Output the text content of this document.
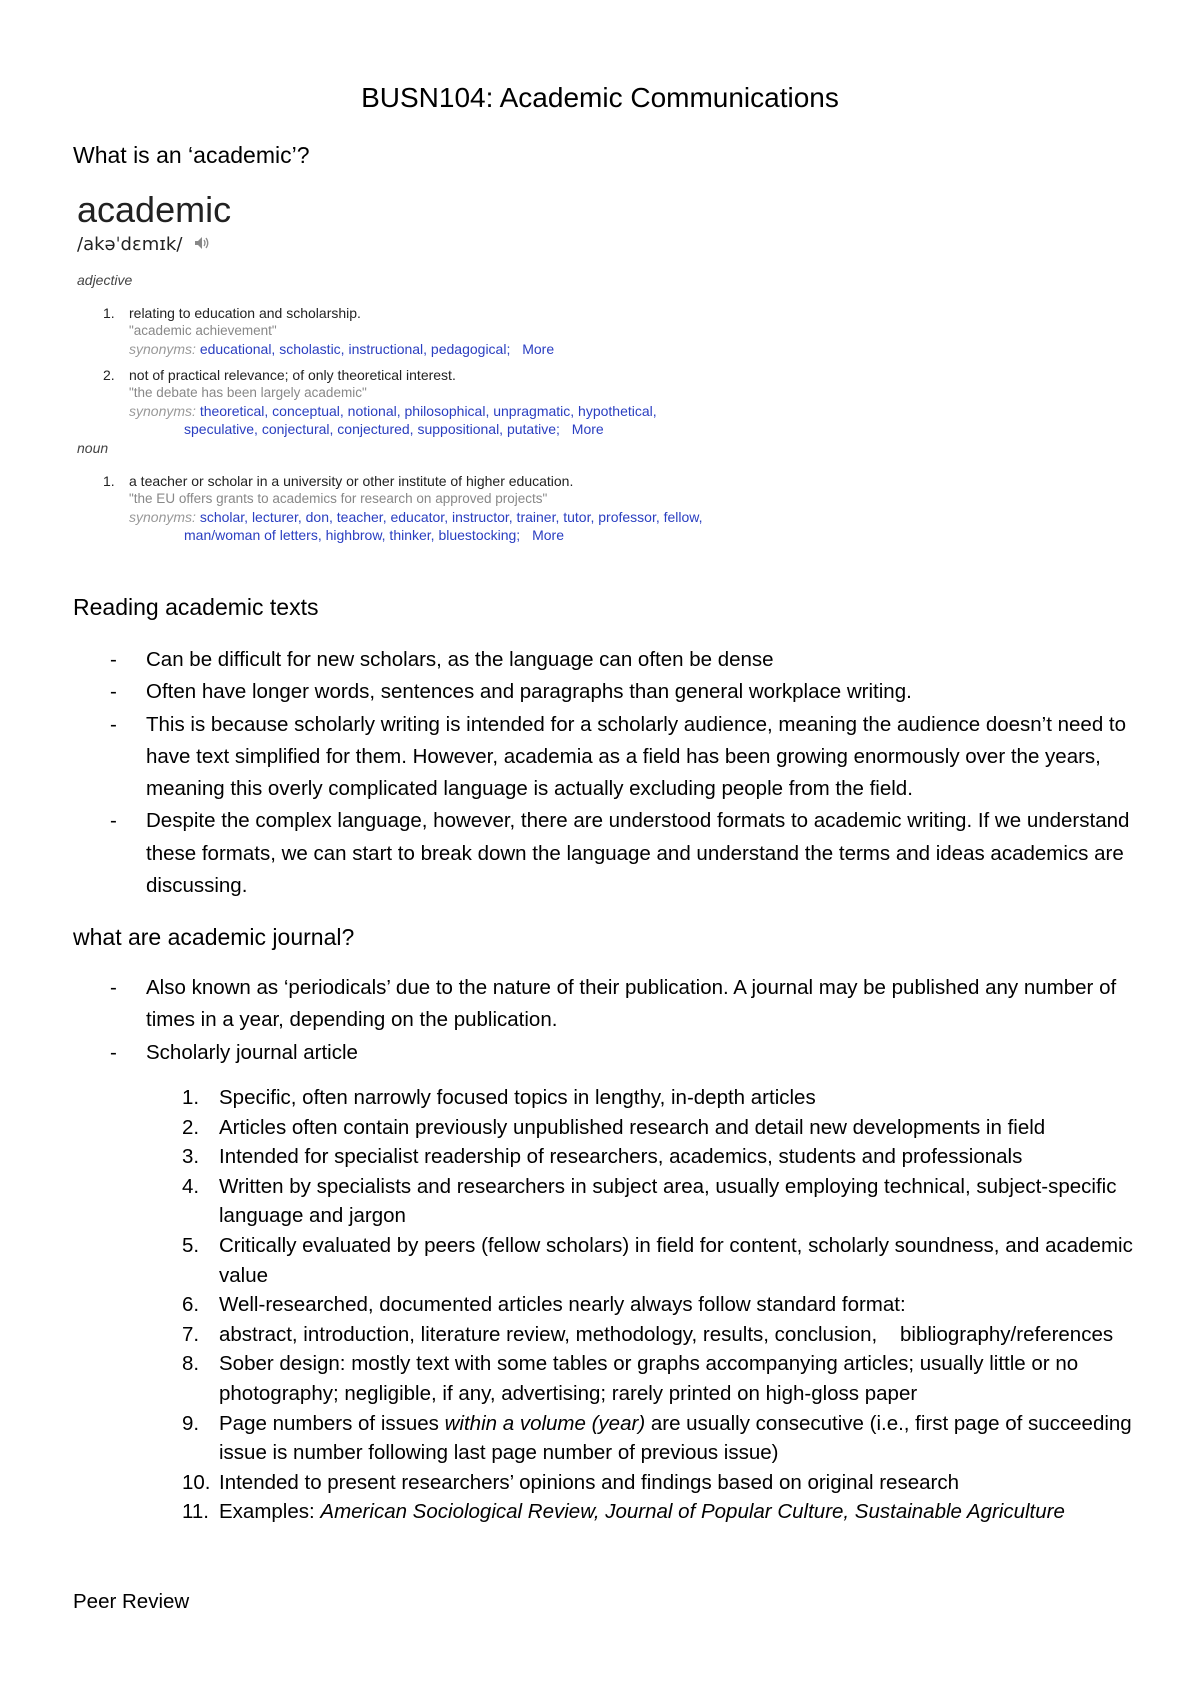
BUSN104: Academic Communications
What is an ‘academic’?
academic
/akəˈdɛmɪk/
adjective
1. relating to education and scholarship.
"academic achievement"
synonyms: educational, scholastic, instructional, pedagogical; More
2. not of practical relevance; of only theoretical interest.
"the debate has been largely academic"
synonyms: theoretical, conceptual, notional, philosophical, unpragmatic, hypothetical,
speculative, conjectural, conjectured, suppositional, putative; More
noun
1. a teacher or scholar in a university or other institute of higher education.
"the EU offers grants to academics for research on approved projects"
synonyms: scholar, lecturer, don, teacher, educator, instructor, trainer, tutor, professor, fellow,
man/woman of letters, highbrow, thinker, bluestocking; More
Reading academic texts
- Can be difficult for new scholars, as the language can often be dense
- Often have longer words, sentences and paragraphs than general workplace writing.
- This is because scholarly writing is intended for a scholarly audience, meaning the audience doesn’t need to have text simplified for them. However, academia as a field has been growing enormously over the years, meaning this overly complicated language is actually excluding people from the field.
- Despite the complex language, however, there are understood formats to academic writing. If we understand these formats, we can start to break down the language and understand the terms and ideas academics are discussing.
what are academic journal?
- Also known as ‘periodicals’ due to the nature of their publication. A journal may be published any number of times in a year, depending on the publication.
- Scholarly journal article
1. Specific, often narrowly focused topics in lengthy, in-depth articles
2. Articles often contain previously unpublished research and detail new developments in field
3. Intended for specialist readership of researchers, academics, students and professionals
4. Written by specialists and researchers in subject area, usually employing technical, subject-specific language and jargon
5. Critically evaluated by peers (fellow scholars) in field for content, scholarly soundness, and academic value
6. Well-researched, documented articles nearly always follow standard format:
7. abstract, introduction, literature review, methodology, results, conclusion,    bibliography/references
8. Sober design: mostly text with some tables or graphs accompanying articles; usually little or no photography; negligible, if any, advertising; rarely printed on high-gloss paper
9. Page numbers of issues within a volume (year) are usually consecutive (i.e., first page of succeeding issue is number following last page number of previous issue)
10. Intended to present researchers’ opinions and findings based on original research
11. Examples: American Sociological Review, Journal of Popular Culture, Sustainable Agriculture
Peer Review
